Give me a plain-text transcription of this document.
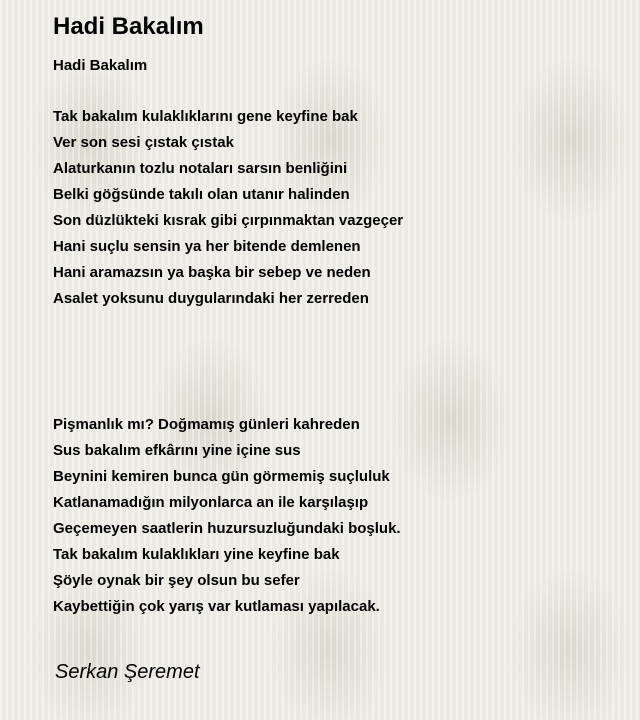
Hadi Bakalım
Hadi Bakalım
Tak bakalım kulaklıklarını gene keyfine bak
Ver son sesi çıstak çıstak
Alaturkanın tozlu notaları sarsın benliğini
Belki göğsünde takılı olan utanır halinden
Son düzlükteki kısrak gibi çırpınmaktan vazgeçer
Hani suçlu sensin ya her bitende demlenen
Hani aramazsın ya başka bir sebep ve neden
Asalet yoksunu duygularındaki her zerreden
Pişmanlık mı? Doğmamış günleri kahreden
Sus bakalım efkârını yine içine sus
Beynini kemiren bunca gün görmemiş suçluluk
Katlanamadığın milyonlarca an ile karşılaşıp
Geçemeyen saatlerin huzursuzluğundaki boşluk.
Tak bakalım kulaklıkları yine keyfine bak
Şöyle oynak bir şey olsun bu sefer
Kaybettiğin çok yarış var kutlaması yapılacak.
Serkan Şeremet
